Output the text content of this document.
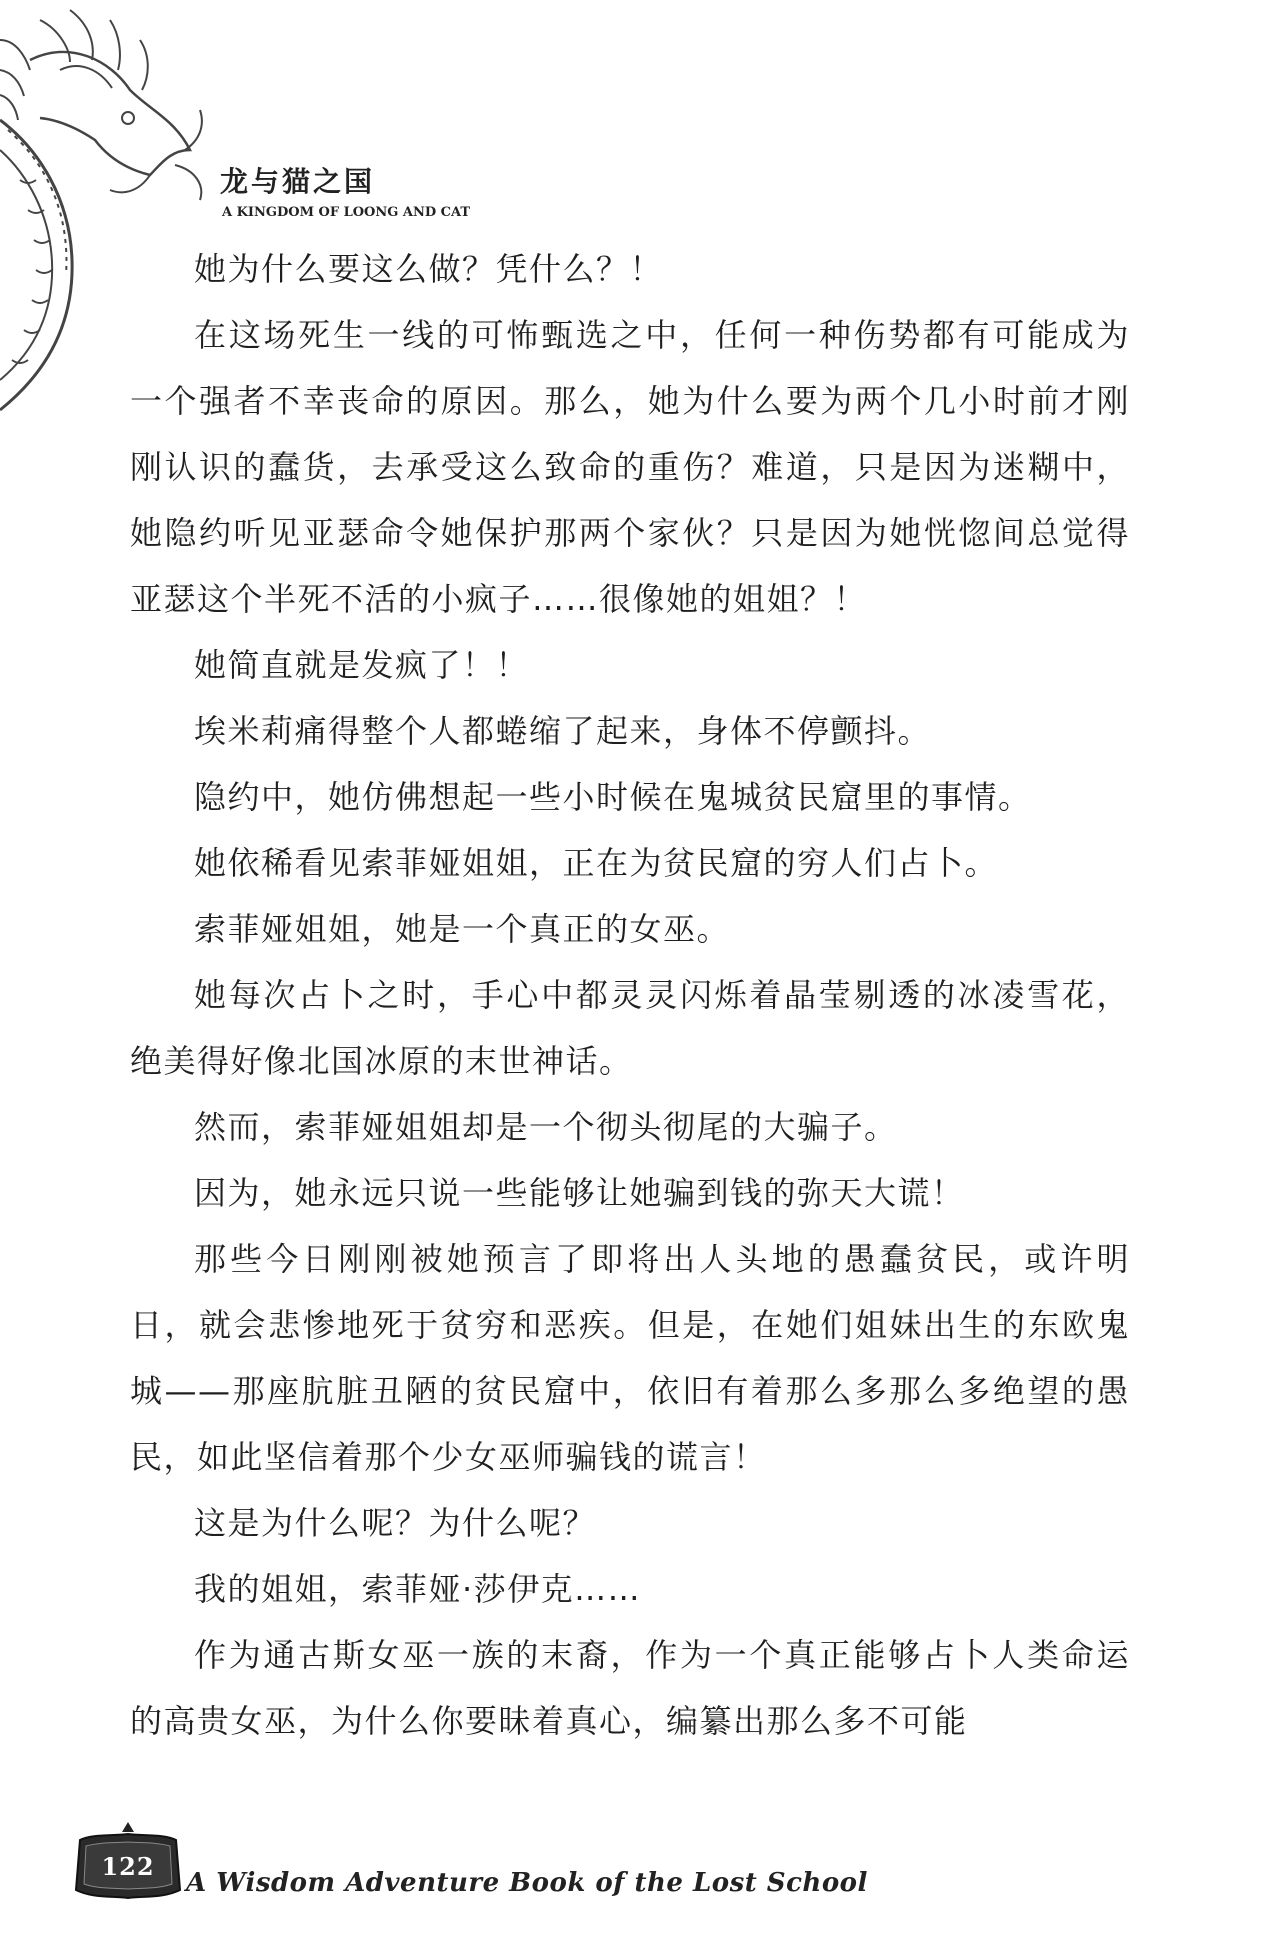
龙与猫之国
A KINGDOM OF LOONG AND CAT

她为什么要这么做？凭什么？！

在这场死生一线的可怖甄选之中，任何一种伤势都有可能成为一个强者不幸丧命的原因。那么，她为什么要为两个几小时前才刚刚认识的蠢货，去承受这么致命的重伤？难道，只是因为迷糊中，她隐约听见亚瑟命令她保护那两个家伙？只是因为她恍惚间总觉得亚瑟这个半死不活的小疯子……很像她的姐姐？！

她简直就是发疯了！！

埃米莉痛得整个人都蜷缩了起来，身体不停颤抖。

隐约中，她仿佛想起一些小时候在鬼城贫民窟里的事情。

她依稀看见索菲娅姐姐，正在为贫民窟的穷人们占卜。

索菲娅姐姐，她是一个真正的女巫。

她每次占卜之时，手心中都灵灵闪烁着晶莹剔透的冰凌雪花，绝美得好像北国冰原的末世神话。

然而，索菲娅姐姐却是一个彻头彻尾的大骗子。

因为，她永远只说一些能够让她骗到钱的弥天大谎！

那些今日刚刚被她预言了即将出人头地的愚蠢贫民，或许明日，就会悲惨地死于贫穷和恶疾。但是，在她们姐妹出生的东欧鬼城——那座肮脏丑陋的贫民窟中，依旧有着那么多那么多绝望的愚民，如此坚信着那个少女巫师骗钱的谎言！

这是为什么呢？为什么呢？

我的姐姐，索菲娅·莎伊克……

作为通古斯女巫一族的末裔，作为一个真正能够占卜人类命运的高贵女巫，为什么你要昧着真心，编纂出那么多不可能

122
A Wisdom Adventure Book of the Lost School
